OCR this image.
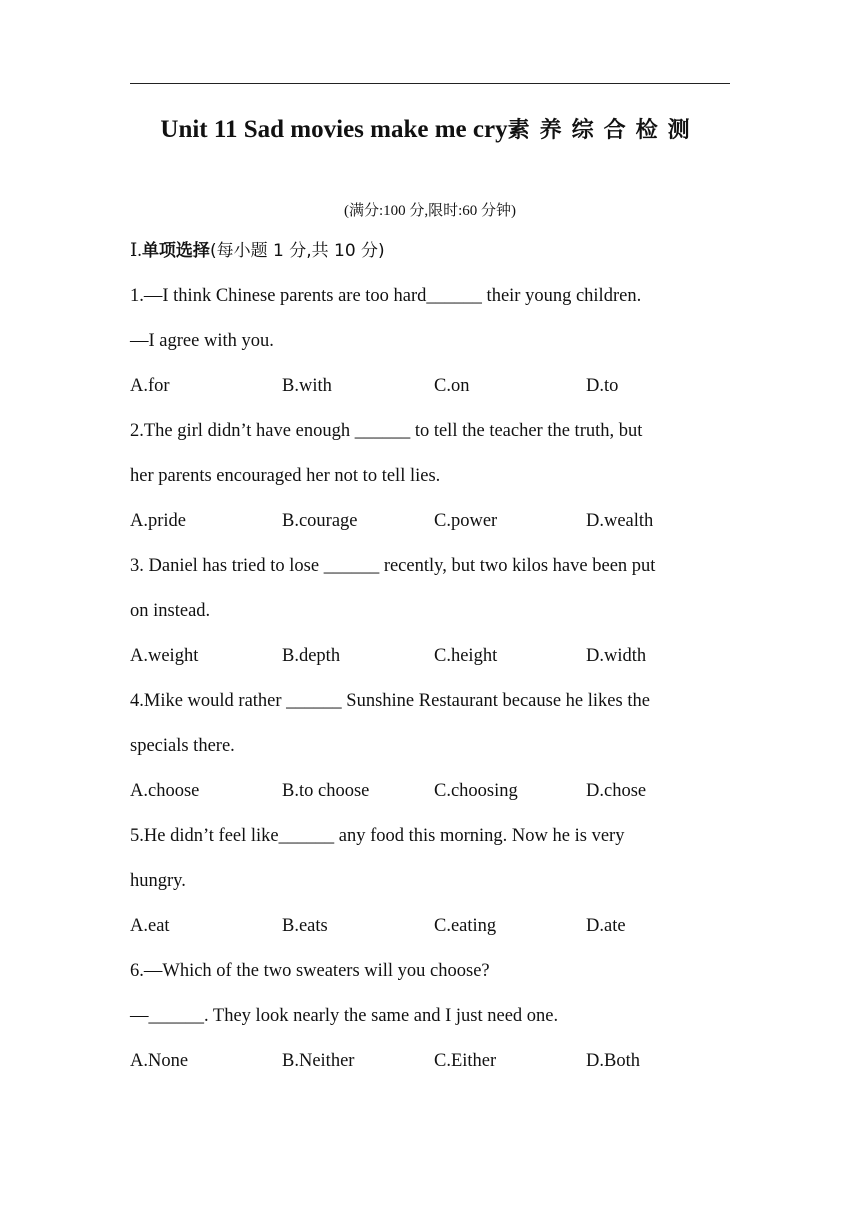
Unit 11 Sad movies make me cry素养综合检测
(满分:100 分,限时:60 分钟)
Ⅰ.单项选择(每小题 1 分,共 10 分)
1.—I think Chinese parents are too hard______ their young children.
—I agree with you.
A.for	B.with	C.on	D.to
2.The girl didn’t have enough ______ to tell the teacher the truth, but
her parents encouraged her not to tell lies.
A.pride	B.courage	C.power	D.wealth
3. Daniel has tried to lose ______ recently, but two kilos have been put
on instead.
A.weight	B.depth	C.height	D.width
4.Mike would rather ______ Sunshine Restaurant because he likes the
specials there.
A.choose	B.to choose	C.choosing	D.chose
5.He didn’t feel like______ any food this morning. Now he is very
hungry.
A.eat	B.eats	C.eating	D.ate
6.—Which of the two sweaters will you choose?
—______. They look nearly the same and I just need one.
A.None	B.Neither	C.Either	D.Both
